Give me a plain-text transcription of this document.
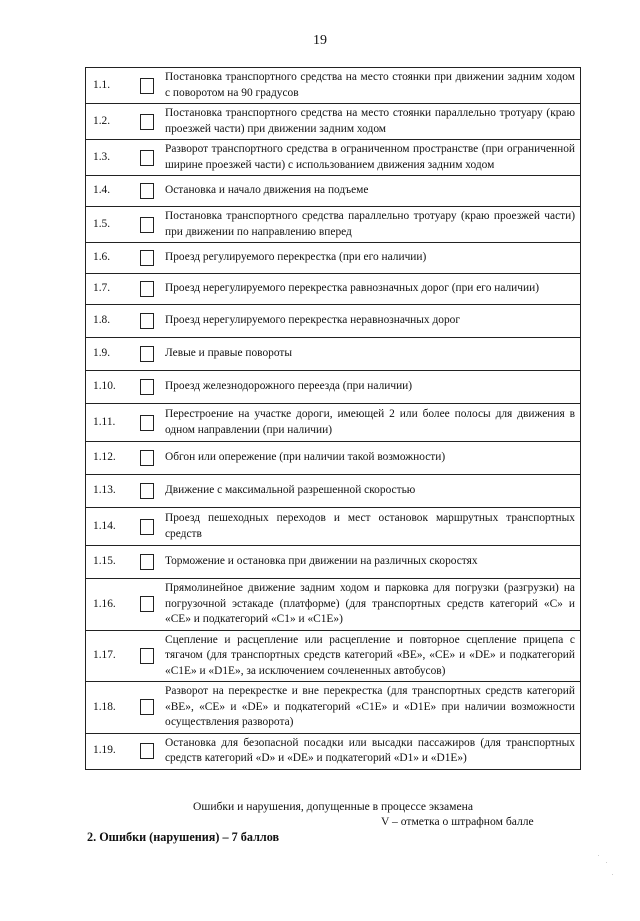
19
1.1.		Постановка транспортного средства на место стоянки при движении задним ходом с поворотом на 90 градусов
1.2.		Постановка транспортного средства на место стоянки параллельно тротуару (краю проезжей части) при движении задним ходом
1.3.		Разворот транспортного средства в ограниченном пространстве (при ограниченной ширине проезжей части) с использованием движения задним ходом
1.4.		Остановка и начало движения на подъеме
1.5.		Постановка транспортного средства параллельно тротуару (краю проезжей части) при движении по направлению вперед
1.6.		Проезд регулируемого перекрестка (при его наличии)
1.7.		Проезд нерегулируемого перекрестка равнозначных дорог (при его наличии)
1.8.		Проезд нерегулируемого перекрестка неравнозначных дорог
1.9.		Левые и правые повороты
1.10.		Проезд железнодорожного переезда (при наличии)
1.11.		Перестроение на участке дороги, имеющей 2 или более полосы для движения в одном направлении (при наличии)
1.12.		Обгон или опережение (при наличии такой возможности)
1.13.		Движение с максимальной разрешенной скоростью
1.14.		Проезд пешеходных переходов и мест остановок маршрутных транспортных средств
1.15.		Торможение и остановка при движении на различных скоростях
1.16.		Прямолинейное движение задним ходом и парковка для погрузки (разгрузки) на погрузочной эстакаде (платформе) (для транспортных средств категорий «C» и «CE» и подкатегорий «C1» и «C1E»)
1.17.		Сцепление и расцепление или расцепление и повторное сцепление прицепа с тягачом (для транспортных средств категорий «BE», «CE» и «DE» и подкатегорий «C1E» и «D1E», за исключением сочлененных автобусов)
1.18.		Разворот на перекрестке и вне перекрестка (для транспортных средств категорий «BE», «CE» и «DE» и подкатегорий «C1E» и «D1E» при наличии возможности осуществления разворота)
1.19.		Остановка для безопасной посадки или высадки пассажиров (для транспортных средств категорий «D» и «DE» и подкатегорий «D1» и «D1E»)
Ошибки и нарушения, допущенные в процессе экзамена
V – отметка о штрафном балле
2. Ошибки (нарушения) – 7 баллов
